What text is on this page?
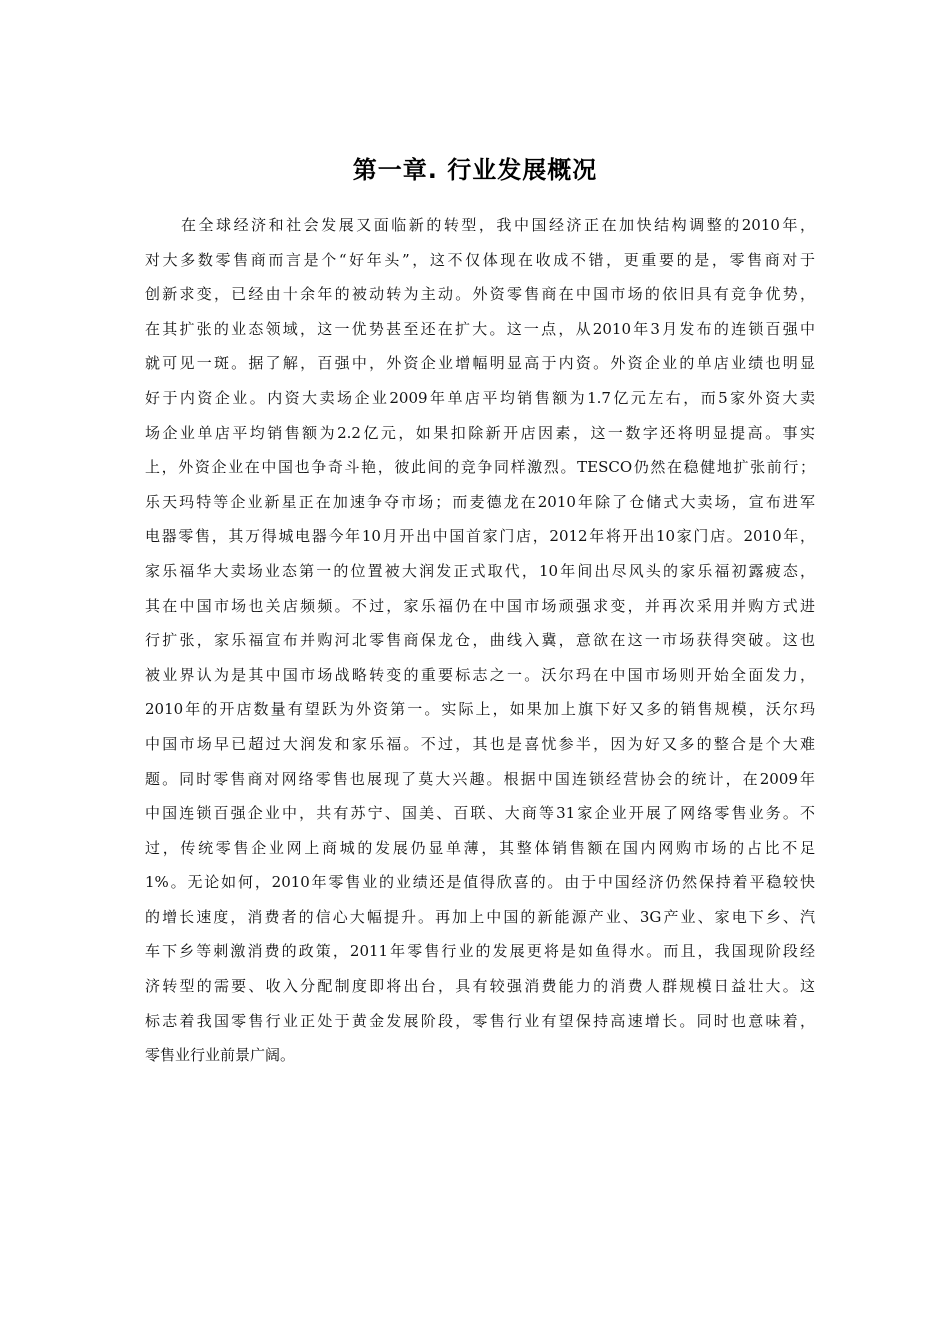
第一章. 行业发展概况
在全球经济和社会发展又面临新的转型，我中国经济正在加快结构调整的2010年，
对大多数零售商而言是个“好年头”，这不仅体现在收成不错，更重要的是，零售商对于
创新求变，已经由十余年的被动转为主动。外资零售商在中国市场的依旧具有竞争优势，
在其扩张的业态领域，这一优势甚至还在扩大。这一点，从2010年3月发布的连锁百强中
就可见一斑。据了解，百强中，外资企业增幅明显高于内资。外资企业的单店业绩也明显
好于内资企业。内资大卖场企业2009年单店平均销售额为1.7亿元左右，而5家外资大卖
场企业单店平均销售额为2.2亿元，如果扣除新开店因素，这一数字还将明显提高。事实
上，外资企业在中国也争奇斗艳，彼此间的竞争同样激烈。TESCO仍然在稳健地扩张前行；
乐天玛特等企业新星正在加速争夺市场；而麦德龙在2010年除了仓储式大卖场，宣布进军
电器零售，其万得城电器今年10月开出中国首家门店，2012年将开出10家门店。2010年，
家乐福华大卖场业态第一的位置被大润发正式取代，10年间出尽风头的家乐福初露疲态，
其在中国市场也关店频频。不过，家乐福仍在中国市场顽强求变，并再次采用并购方式进
行扩张，家乐福宣布并购河北零售商保龙仓，曲线入冀，意欲在这一市场获得突破。这也
被业界认为是其中国市场战略转变的重要标志之一。沃尔玛在中国市场则开始全面发力，
2010年的开店数量有望跃为外资第一。实际上，如果加上旗下好又多的销售规模，沃尔玛
中国市场早已超过大润发和家乐福。不过，其也是喜忧参半，因为好又多的整合是个大难
题。同时零售商对网络零售也展现了莫大兴趣。根据中国连锁经营协会的统计，在2009年
中国连锁百强企业中，共有苏宁、国美、百联、大商等31家企业开展了网络零售业务。不
过，传统零售企业网上商城的发展仍显单薄，其整体销售额在国内网购市场的占比不足
1%。无论如何，2010年零售业的业绩还是值得欣喜的。由于中国经济仍然保持着平稳较快
的增长速度，消费者的信心大幅提升。再加上中国的新能源产业、3G产业、家电下乡、汽
车下乡等刺激消费的政策，2011年零售行业的发展更将是如鱼得水。而且，我国现阶段经
济转型的需要、收入分配制度即将出台，具有较强消费能力的消费人群规模日益壮大。这
标志着我国零售行业正处于黄金发展阶段，零售行业有望保持高速增长。同时也意味着，
零售业行业前景广阔。
